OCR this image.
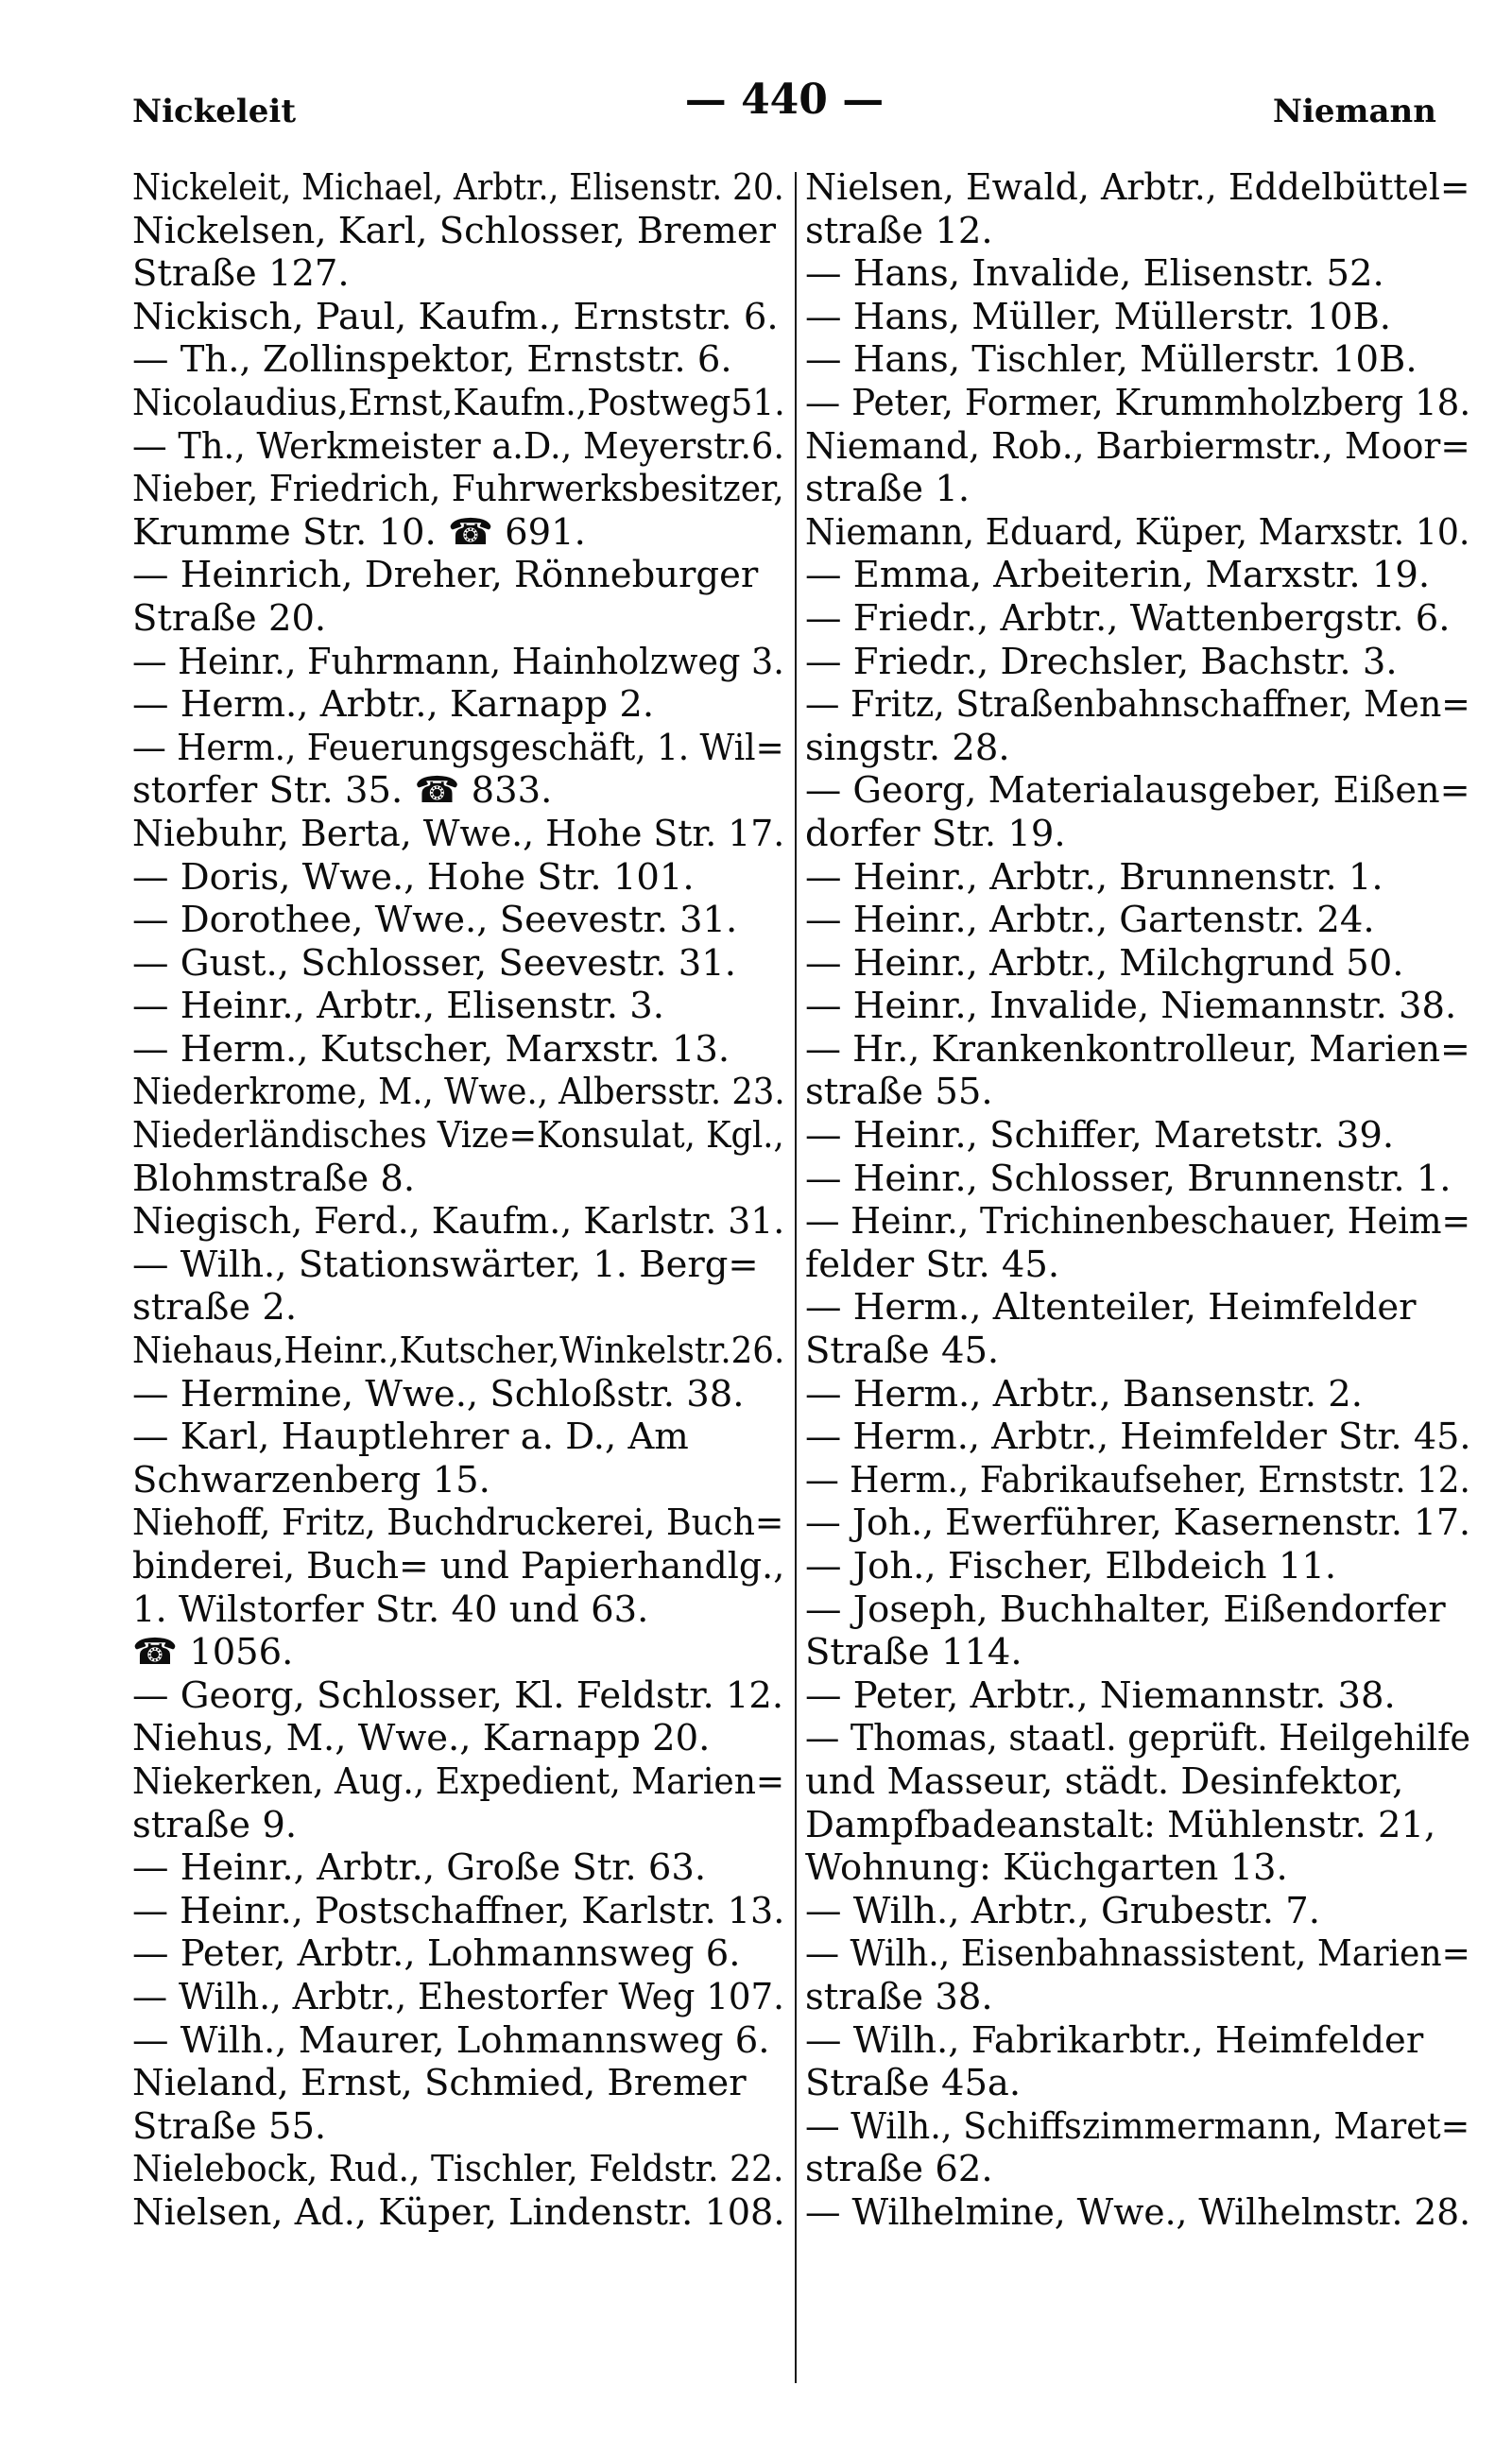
Nickeleit	— 440 —	Niemann

Nickeleit, Michael, Arbtr., Elisenstr. 20.

Nickelsen, Karl, Schlosser, Bremer

Straße 127.

Nickisch, Paul, Kaufm., Ernststr. 6.

— Th., Zollinspektor, Ernststr. 6.

Nicolaudius,Ernst,Kaufm.,Postweg51.

— Th., Werkmeister a.D., Meyerstr.6.

Nieber, Friedrich, Fuhrwerksbesitzer,

Krumme Str. 10. ☎ 691.

— Heinrich, Dreher, Rönneburger

Straße 20.

— Heinr., Fuhrmann, Hainholzweg 3.

— Herm., Arbtr., Karnapp 2.

— Herm., Feuerungsgeschäft, 1. Wil=

storfer Str. 35. ☎ 833.

Niebuhr, Berta, Wwe., Hohe Str. 17.

— Doris, Wwe., Hohe Str. 101.

— Dorothee, Wwe., Seevestr. 31.

— Gust., Schlosser, Seevestr. 31.

— Heinr., Arbtr., Elisenstr. 3.

— Herm., Kutscher, Marxstr. 13.

Niederkrome, M., Wwe., Albersstr. 23.

Niederländisches Vize=Konsulat, Kgl.,

Blohmstraße 8.

Niegisch, Ferd., Kaufm., Karlstr. 31.

— Wilh., Stationswärter, 1. Berg=

straße 2.

Niehaus,Heinr.,Kutscher,Winkelstr.26.

— Hermine, Wwe., Schloßstr. 38.

— Karl, Hauptlehrer a. D., Am

Schwarzenberg 15.

Niehoff, Fritz, Buchdruckerei, Buch=

binderei, Buch= und Papierhandlg.,

1. Wilstorfer Str. 40 und 63.

☎ 1056.

— Georg, Schlosser, Kl. Feldstr. 12.

Niehus, M., Wwe., Karnapp 20.

Niekerken, Aug., Expedient, Marien=

straße 9.

— Heinr., Arbtr., Große Str. 63.

— Heinr., Postschaffner, Karlstr. 13.

— Peter, Arbtr., Lohmannsweg 6.

— Wilh., Arbtr., Ehestorfer Weg 107.

— Wilh., Maurer, Lohmannsweg 6.

Nieland, Ernst, Schmied, Bremer

Straße 55.

Nielebock, Rud., Tischler, Feldstr. 22.

Nielsen, Ad., Küper, Lindenstr. 108.

Nielsen, Ewald, Arbtr., Eddelbüttel=

straße 12.

— Hans, Invalide, Elisenstr. 52.

— Hans, Müller, Müllerstr. 10B.

— Hans, Tischler, Müllerstr. 10B.

— Peter, Former, Krummholzberg 18.

Niemand, Rob., Barbiermstr., Moor=

straße 1.

Niemann, Eduard, Küper, Marxstr. 10.

— Emma, Arbeiterin, Marxstr. 19.

— Friedr., Arbtr., Wattenbergstr. 6.

— Friedr., Drechsler, Bachstr. 3.

— Fritz, Straßenbahnschaffner, Men=

singstr. 28.

— Georg, Materialausgeber, Eißen=

dorfer Str. 19.

— Heinr., Arbtr., Brunnenstr. 1.

— Heinr., Arbtr., Gartenstr. 24.

— Heinr., Arbtr., Milchgrund 50.

— Heinr., Invalide, Niemannstr. 38.

— Hr., Krankenkontrolleur, Marien=

straße 55.

— Heinr., Schiffer, Maretstr. 39.

— Heinr., Schlosser, Brunnenstr. 1.

— Heinr., Trichinenbeschauer, Heim=

felder Str. 45.

— Herm., Altenteiler, Heimfelder

Straße 45.

— Herm., Arbtr., Bansenstr. 2.

— Herm., Arbtr., Heimfelder Str. 45.

— Herm., Fabrikaufseher, Ernststr. 12.

— Joh., Ewerführer, Kasernenstr. 17.

— Joh., Fischer, Elbdeich 11.

— Joseph, Buchhalter, Eißendorfer

Straße 114.

— Peter, Arbtr., Niemannstr. 38.

— Thomas, staatl. geprüft. Heilgehilfe

und Masseur, städt. Desinfektor,

Dampfbadeanstalt: Mühlenstr. 21,

Wohnung: Küchgarten 13.

— Wilh., Arbtr., Grubestr. 7.

— Wilh., Eisenbahnassistent, Marien=

straße 38.

— Wilh., Fabrikarbtr., Heimfelder

Straße 45a.

— Wilh., Schiffszimmermann, Maret=

straße 62.

— Wilhelmine, Wwe., Wilhelmstr. 28.
